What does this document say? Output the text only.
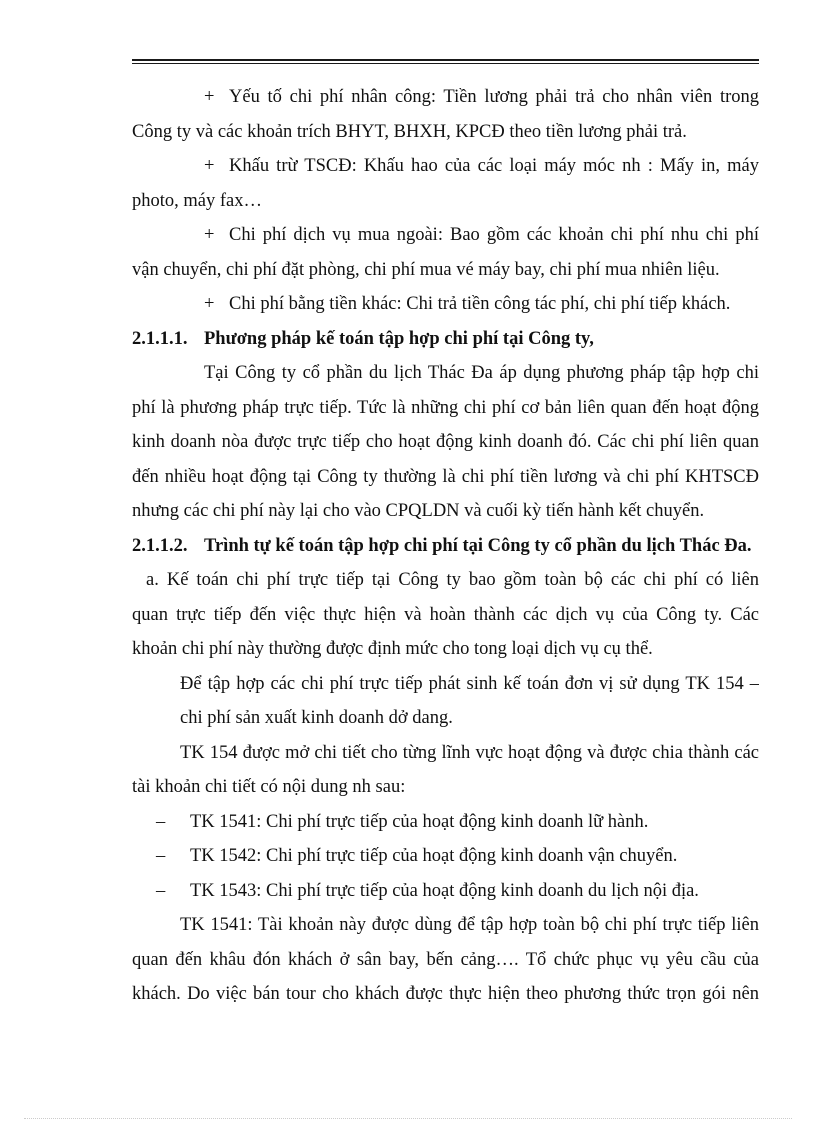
+ Yếu tố chi phí nhân công: Tiền lương phải trả cho nhân viên trong
Công ty và các khoản trích BHYT, BHXH, KPCĐ theo tiền lương phải trả.
+ Khấu trừ TSCĐ: Khấu hao của các loại máy móc nh : Mấy in, máy
photo, máy fax…
+ Chi phí dịch vụ mua ngoài: Bao gồm các khoản chi phí nhu chi phí
vận chuyển, chi phí đặt phòng, chi phí mua vé máy bay, chi phí mua nhiên liệu.
+ Chi phí bằng tiền khác: Chi trả tiền công tác phí, chi phí tiếp khách.
2.1.1.1. Phương pháp kế toán tập hợp chi phí tại Công ty,
Tại Công ty cổ phần du lịch Thác Đa áp dụng phương pháp tập hợp chi
phí là phương pháp trực tiếp. Tức là những chi phí cơ bản liên quan đến hoạt động
kinh doanh nòa được trực tiếp cho hoạt động kinh doanh đó. Các chi phí liên quan
đến nhiều hoạt động tại Công ty thường là chi phí tiền lương và chi phí KHTSCĐ
nhưng các chi phí này lại cho vào CPQLDN và cuối kỳ tiến hành kết chuyển.
2.1.1.2. Trình tự kế toán tập hợp chi phí tại Công ty cổ phần du lịch Thác Đa.
a. Kế toán chi phí trực tiếp tại Công ty bao gồm toàn bộ các chi phí có liên
quan trực tiếp đến việc thực hiện và hoàn thành các dịch vụ của Công ty. Các
khoản chi phí này thường được định mức cho tong loại dịch vụ cụ thể.
Để tập hợp các chi phí trực tiếp phát sinh kế toán đơn vị sử dụng TK 154 –
chi phí sản xuất kinh doanh dở dang.
TK 154 được mở chi tiết cho từng lĩnh vực hoạt động và được chia thành các
tài khoản chi tiết có nội dung nh sau:
– TK 1541: Chi phí trực tiếp của hoạt động kinh doanh lữ hành.
– TK 1542: Chi phí trực tiếp của hoạt động kinh doanh vận chuyển.
– TK 1543: Chi phí trực tiếp của hoạt động kinh doanh du lịch nội địa.
TK 1541: Tài khoản này được dùng để tập hợp toàn bộ chi phí trực tiếp liên
quan đến khâu đón khách ở sân bay, bến cảng…. Tổ chức phục vụ yêu cầu của
khách. Do việc bán tour cho khách được thực hiện theo phương thức trọn gói nên
